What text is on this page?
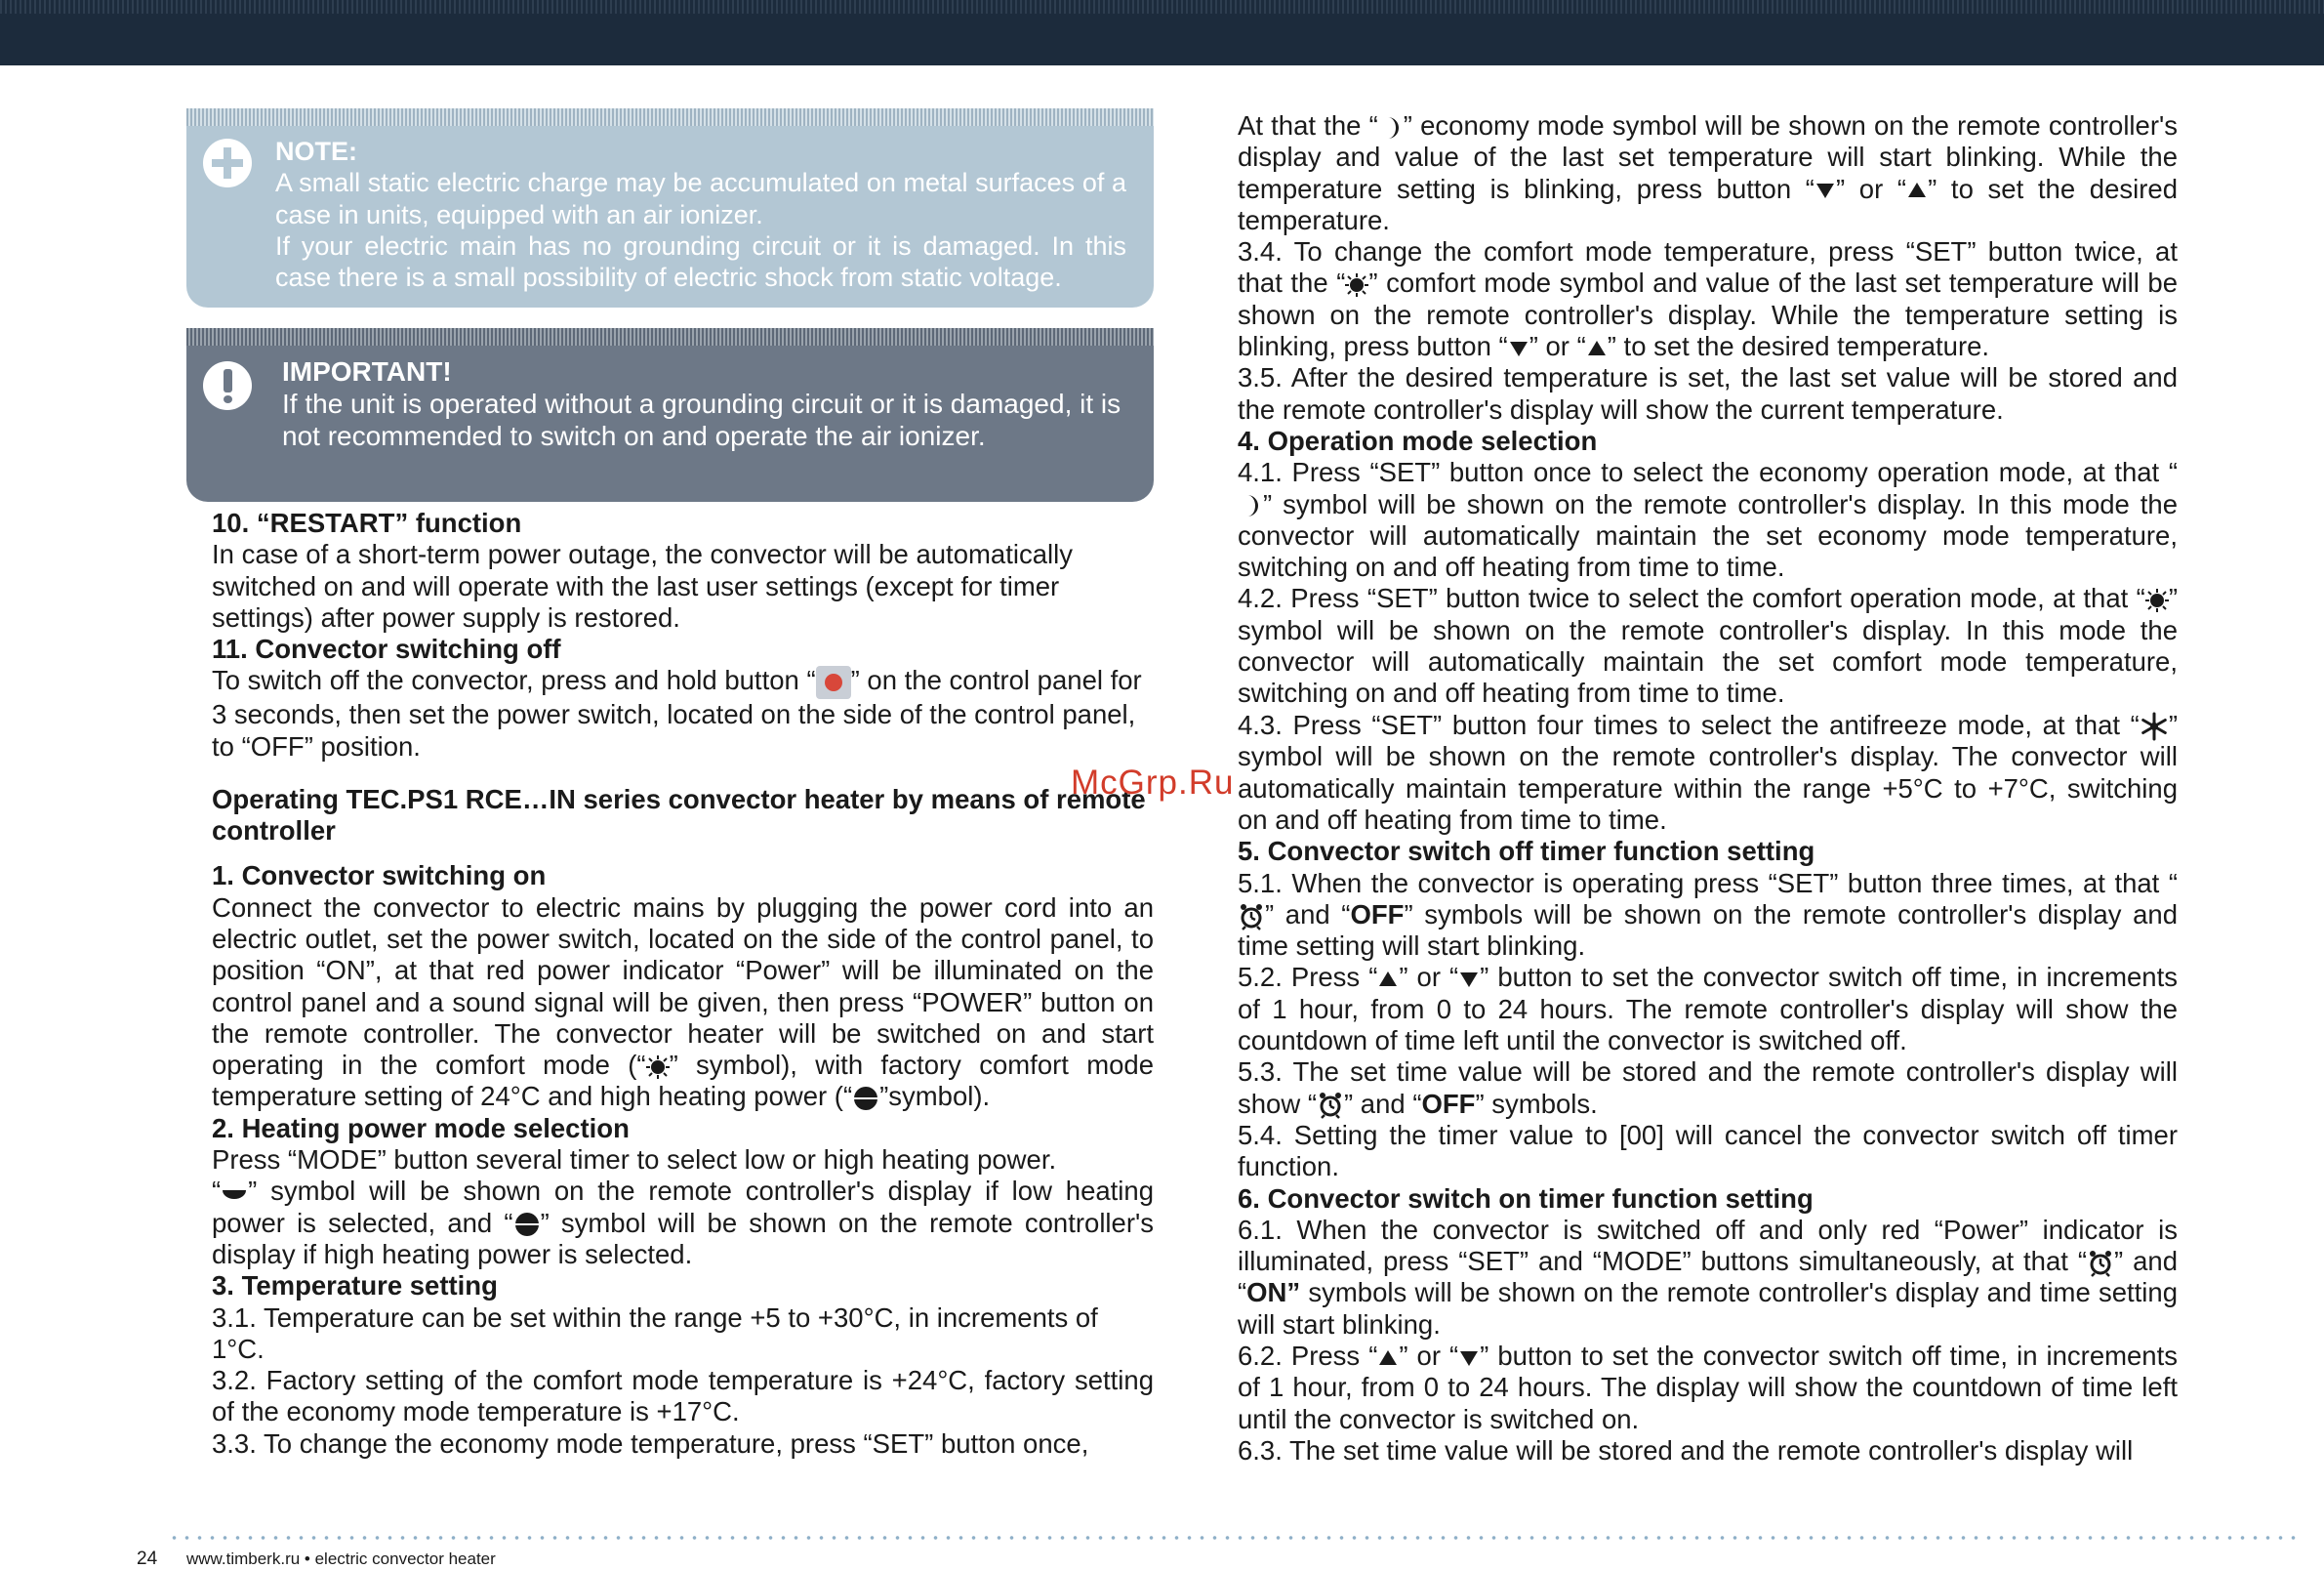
NOTE:
A small static electric charge may be accumulated on metal surfaces of a case in units, equipped with an air ionizer.
If your electric main has no grounding circuit or it is damaged. In this case there is a small possibility of electric shock from static voltage.
IMPORTANT!
If the unit is operated without a grounding circuit or it is damaged, it is not recommended to switch on and operate the air ionizer.

10. “RESTART” function

In case of a short-term power outage, the convector will be automatically switched on and will operate with the last user settings (except for timer settings) after power supply is restored.

11. Convector switching off

To switch off the convector, press and hold button “ ” on the control panel for 3 seconds, then set the power switch, located on the side of the control panel, to “OFF” position.

Operating TEC.PS1 RCE…IN series convector heater by means of remote controller

1. Convector switching on

Connect the convector to electric mains by plugging the power cord into an electric outlet, set the power switch, located on the side of the control panel, to position “ON”, at that red power indicator “Power” will be illuminated on the control panel and a sound signal will be given, then press “POWER” button on the remote controller. The convector heater will be switched on and start operating in the comfort mode (“ ” symbol), with factory comfort mode temperature setting of 24°C and high heating power (“ ”symbol).

2. Heating power mode selection

Press “MODE” button several timer to select low or high heating power.

“ ” symbol will be shown on the remote controller's display if low heating power is selected, and “ ” symbol will be shown on the remote controller's display if high heating power is selected.

3. Temperature setting

3.1. Temperature can be set within the range +5 to +30°C, in increments of 1°C.

3.2. Factory setting of the comfort mode temperature is +24°C, factory setting of the economy mode temperature is +17°C.

3.3. To change the economy mode temperature, press “SET” button once,

At that the “ ” economy mode symbol will be shown on the remote controller's display and value of the last set temperature will start blinking. While the temperature setting is blinking, press button “ ” or “ ” to set the desired temperature.

3.4. To change the comfort mode temperature, press “SET” button twice, at that the “ ” comfort mode symbol and value of the last set temperature will be shown on the remote controller's display. While the temperature setting is blinking, press button “ ” or “ ” to set the desired temperature.

3.5. After the desired temperature is set, the last set value will be stored and the remote controller's display will show the current temperature.

4. Operation mode selection

4.1. Press “SET” button once to select the economy operation mode, at that “” symbol will be shown on the remote controller's display. In this mode the convector will automatically maintain the set economy mode temperature, switching on and off heating from time to time.

4.2. Press “SET” button twice to select the comfort operation mode, at that “ ” symbol will be shown on the remote controller's display. In this mode the convector will automatically maintain the set comfort mode temperature, switching on and off heating from time to time.

4.3. Press “SET” button four times to select the antifreeze mode, at that “ ” symbol will be shown on the remote controller's display. The convector will automatically maintain temperature within the range +5°C to +7°C, switching on and off heating from time to time.

5. Convector switch off timer function setting

5.1. When the convector is operating press “SET” button three times, at that “” and “OFF” symbols will be shown on the remote controller's display and time setting will start blinking.

5.2. Press “ ” or “ ” button to set the convector switch off time, in increments of 1 hour, from 0 to 24 hours. The remote controller's display will show the countdown of time left until the convector is switched off.

5.3. The set time value will be stored and the remote controller's display will show “ ” and “OFF” symbols.

5.4. Setting the timer value to [00] will cancel the convector switch off timer function.

6. Convector switch on timer function setting

6.1. When the convector is switched off and only red “Power” indicator is illuminated, press “SET” and “MODE” buttons simultaneously, at that “ ” and “ON” symbols will be shown on the remote controller's display and time setting will start blinking.

6.2. Press “ ” or “ ” button to set the convector switch off time, in increments of 1 hour, from 0 to 24 hours. The display will show the countdown of time left until the convector is switched on.

6.3. The set time value will be stored and the remote controller's display will

McGrp.Ru
24 www.timberk.ru • electric convector heater
